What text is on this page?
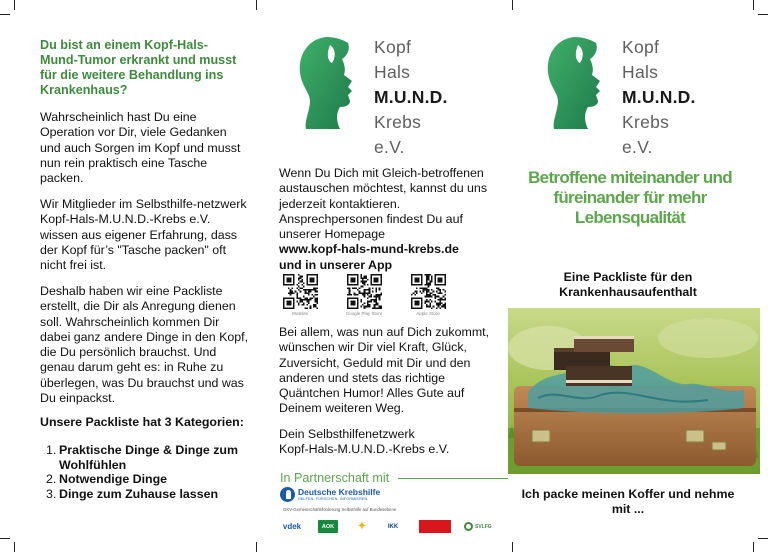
Du bist an einem Kopf-Hals-Mund-Tumor erkrankt und musst für die weitere Behandlung ins Krankenhaus?

Wahrscheinlich hast Du eine Operation vor Dir, viele Gedanken und auch Sorgen im Kopf und musst nun rein praktisch eine Tasche packen.

Wir Mitglieder im Selbsthilfe-netzwerk Kopf-Hals-M.U.N.D.-Krebs e.V. wissen aus eigener Erfahrung, dass der Kopf für’s "Tasche packen" oft nicht frei ist.

Deshalb haben wir eine Packliste erstellt, die Dir als Anregung dienen soll. Wahrscheinlich kommen Dir dabei ganz andere Dinge in den Kopf, die Du persönlich brauchst. Und genau darum geht es: in Ruhe zu überlegen, was Du brauchst und was Du einpackst.

Unsere Packliste hat 3 Kategorien:
1. Praktische Dinge & Dinge zum Wohlfühlen
2. Notwendige Dinge
3. Dinge zum Zuhause lassen
Kopf
Hals
M.U.N.D.
Krebs e.V.
Wenn Du Dich mit Gleich-betroffenen austauschen möchtest, kannst du uns jederzeit kontaktieren. Ansprechpersonen findest Du auf unserer Homepage
www.kopf-hals-mund-krebs.de
und in unserer App
Website	Google Play Store	Apple Store

Bei allem, was nun auf Dich zukommt, wünschen wir Dir viel Kraft, Glück, Zuversicht, Geduld mit Dir und den anderen und stets das richtige Quäntchen Humor! Alles Gute auf Deinem weiteren Weg.

Dein Selbsthilfenetzwerk
Kopf-Hals-M.U.N.D.-Krebs e.V.
In Partnerschaft mit
Deutsche Krebshilfe
HELFEN. FORSCHEN. INFORMIEREN.
GKV-Gemeinschaftsförderung Selbsthilfe auf Bundesebene
vdek	AOK	✦	IKK	SVLFG
Kopf
Hals
M.U.N.D.
Krebs e.V.
Betroffene miteinander und füreinander für mehr Lebensqualität
Eine Packliste für den Krankenhausaufenthalt
Ich packe meinen Koffer und nehme mit ...
